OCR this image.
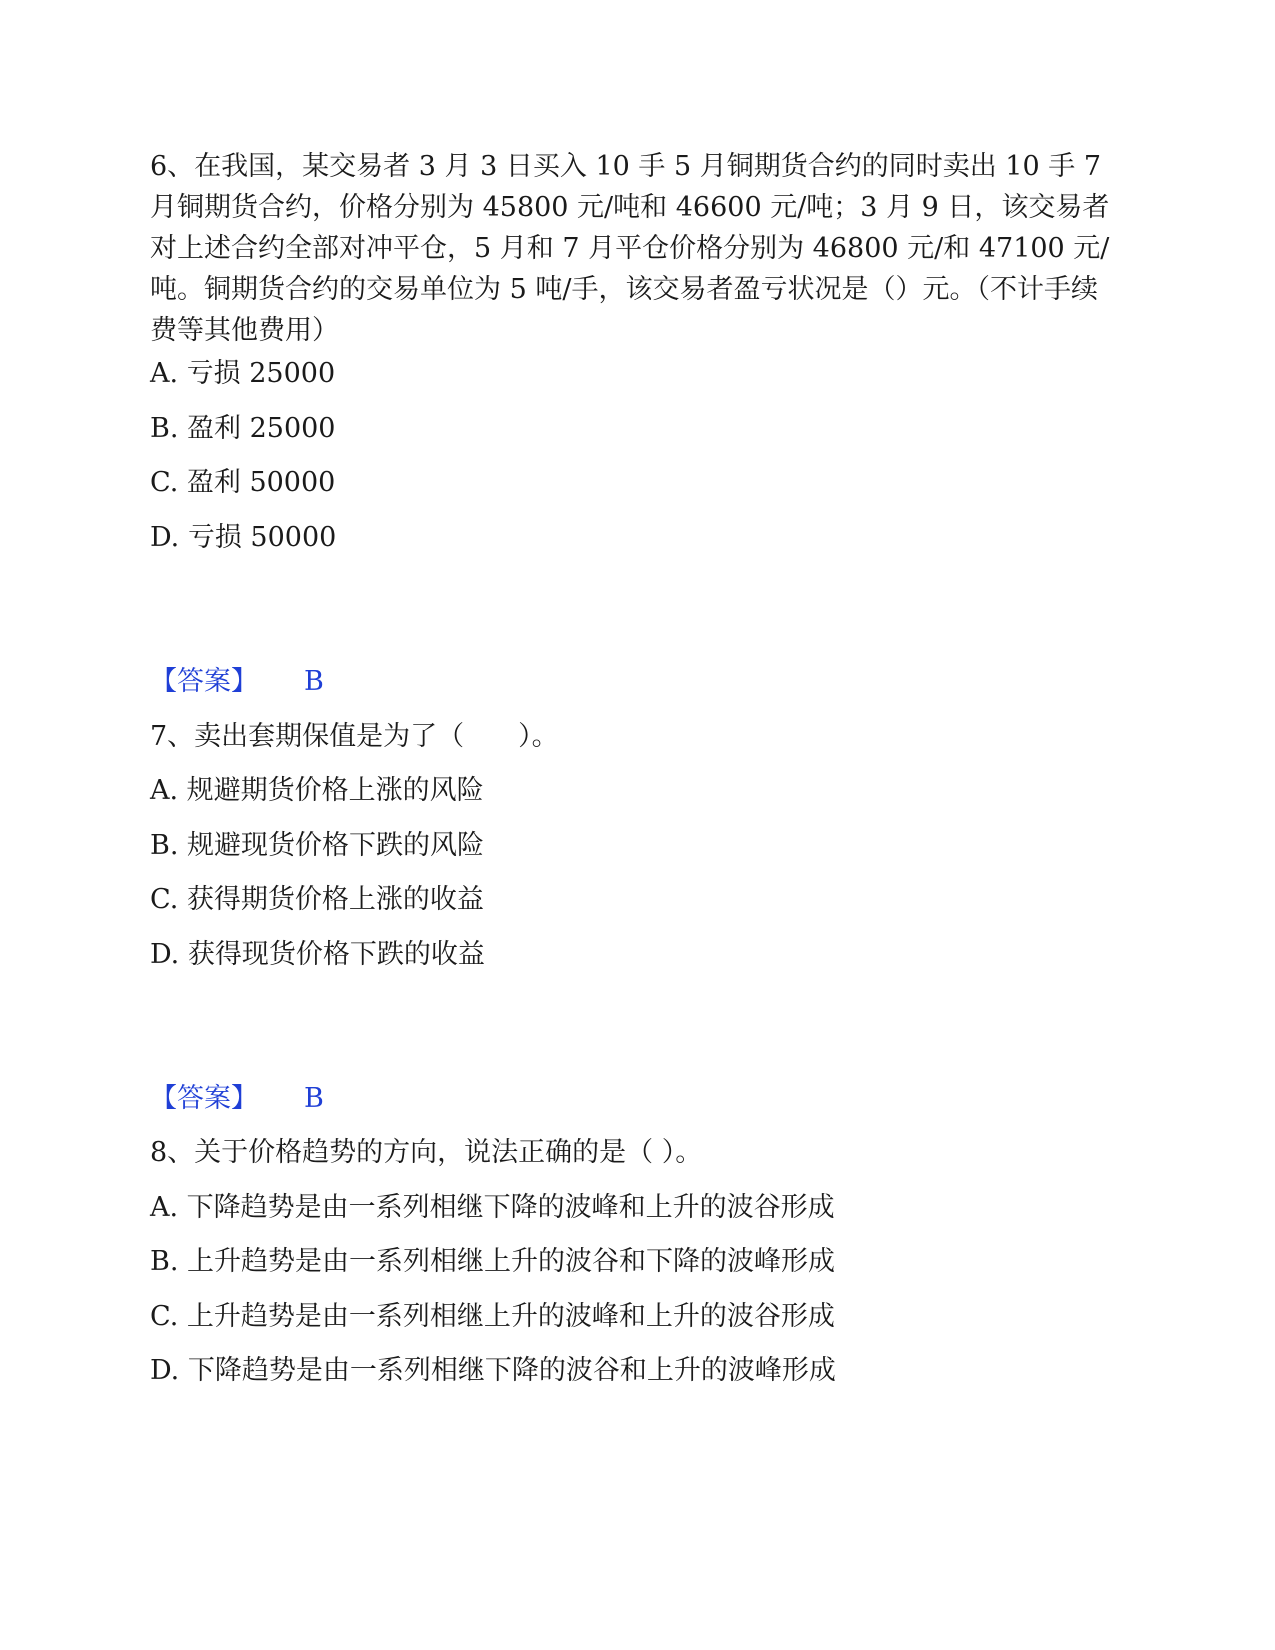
6、在我国，某交易者 3 月 3 日买入 10 手 5 月铜期货合约的同时卖出 10 手 7 月铜期货合约，价格分别为 45800 元/吨和 46600 元/吨；3 月 9 日，该交易者对上述合约全部对冲平仓，5 月和 7 月平仓价格分别为 46800 元/和 47100 元/吨。铜期货合约的交易单位为 5 吨/手，该交易者盈亏状况是（）元。（不计手续费等其他费用）

A. 亏损 25000

B. 盈利 25000

C. 盈利 50000

D. 亏损 50000

【答案】 B

7、卖出套期保值是为了（　　）。

A. 规避期货价格上涨的风险

B. 规避现货价格下跌的风险

C. 获得期货价格上涨的收益

D. 获得现货价格下跌的收益

【答案】 B

8、关于价格趋势的方向，说法正确的是（ ）。

A. 下降趋势是由一系列相继下降的波峰和上升的波谷形成

B. 上升趋势是由一系列相继上升的波谷和下降的波峰形成

C. 上升趋势是由一系列相继上升的波峰和上升的波谷形成

D. 下降趋势是由一系列相继下降的波谷和上升的波峰形成
